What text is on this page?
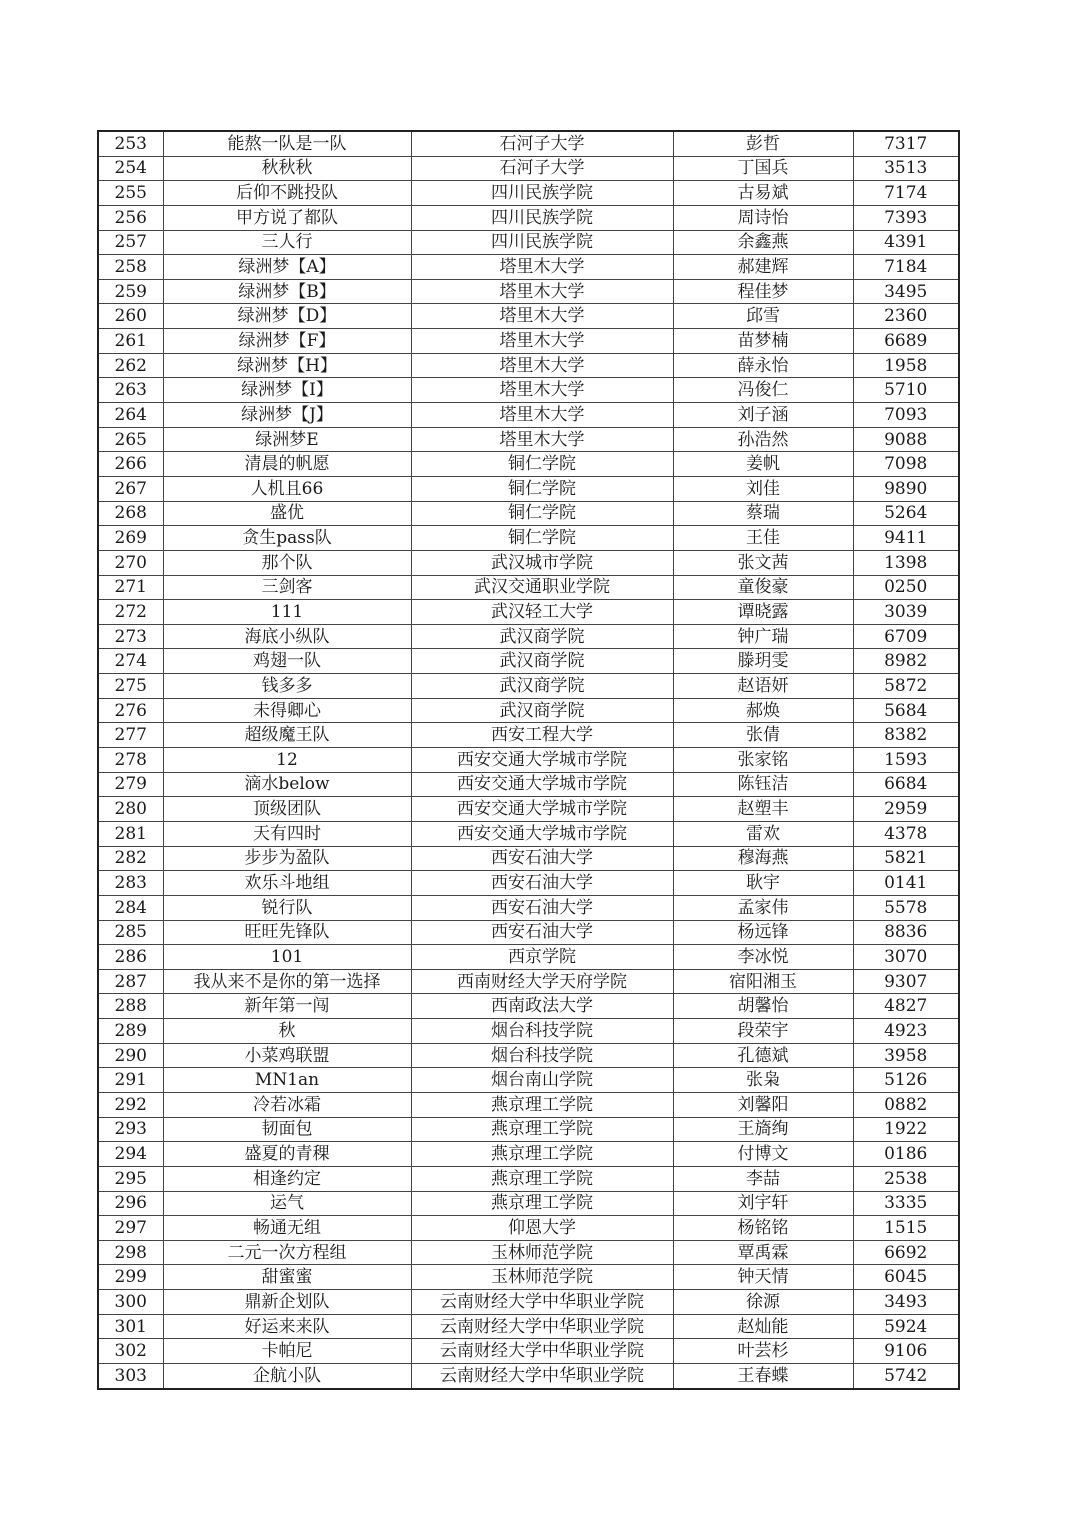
253	能熬一队是一队	石河子大学	彭哲	7317
254	秋秋秋	石河子大学	丁国兵	3513
255	后仰不跳投队	四川民族学院	古易斌	7174
256	甲方说了都队	四川民族学院	周诗怡	7393
257	三人行	四川民族学院	余鑫燕	4391
258	绿洲梦【A】	塔里木大学	郝建辉	7184
259	绿洲梦【B】	塔里木大学	程佳梦	3495
260	绿洲梦【D】	塔里木大学	邱雪	2360
261	绿洲梦【F】	塔里木大学	苗梦楠	6689
262	绿洲梦【H】	塔里木大学	薛永怡	1958
263	绿洲梦【I】	塔里木大学	冯俊仁	5710
264	绿洲梦【J】	塔里木大学	刘子涵	7093
265	绿洲梦E	塔里木大学	孙浩然	9088
266	清晨的帆愿	铜仁学院	姜帆	7098
267	人机且66	铜仁学院	刘佳	9890
268	盛优	铜仁学院	蔡瑞	5264
269	贪生pass队	铜仁学院	王佳	9411
270	那个队	武汉城市学院	张文茜	1398
271	三剑客	武汉交通职业学院	童俊豪	0250
272	111	武汉轻工大学	谭晓露	3039
273	海底小纵队	武汉商学院	钟广瑞	6709
274	鸡翅一队	武汉商学院	滕玥雯	8982
275	钱多多	武汉商学院	赵语妍	5872
276	未得卿心	武汉商学院	郝焕	5684
277	超级魔王队	西安工程大学	张倩	8382
278	12	西安交通大学城市学院	张家铭	1593
279	滴水below	西安交通大学城市学院	陈钰洁	6684
280	顶级团队	西安交通大学城市学院	赵塑丰	2959
281	天有四时	西安交通大学城市学院	雷欢	4378
282	步步为盈队	西安石油大学	穆海燕	5821
283	欢乐斗地组	西安石油大学	耿宇	0141
284	锐行队	西安石油大学	孟家伟	5578
285	旺旺先锋队	西安石油大学	杨远锋	8836
286	101	西京学院	李冰悦	3070
287	我从来不是你的第一选择	西南财经大学天府学院	宿阳湘玉	9307
288	新年第一闯	西南政法大学	胡馨怡	4827
289	秋	烟台科技学院	段荣宇	4923
290	小菜鸡联盟	烟台科技学院	孔德斌	3958
291	MN1an	烟台南山学院	张枭	5126
292	冷若冰霜	燕京理工学院	刘馨阳	0882
293	韧面包	燕京理工学院	王旖绚	1922
294	盛夏的青稞	燕京理工学院	付博文	0186
295	相逢约定	燕京理工学院	李喆	2538
296	运气	燕京理工学院	刘宇轩	3335
297	畅通无组	仰恩大学	杨铭铭	1515
298	二元一次方程组	玉林师范学院	覃禹霖	6692
299	甜蜜蜜	玉林师范学院	钟天情	6045
300	鼎新企划队	云南财经大学中华职业学院	徐源	3493
301	好运来来队	云南财经大学中华职业学院	赵灿能	5924
302	卡帕尼	云南财经大学中华职业学院	叶芸杉	9106
303	企航小队	云南财经大学中华职业学院	王春蝶	5742
